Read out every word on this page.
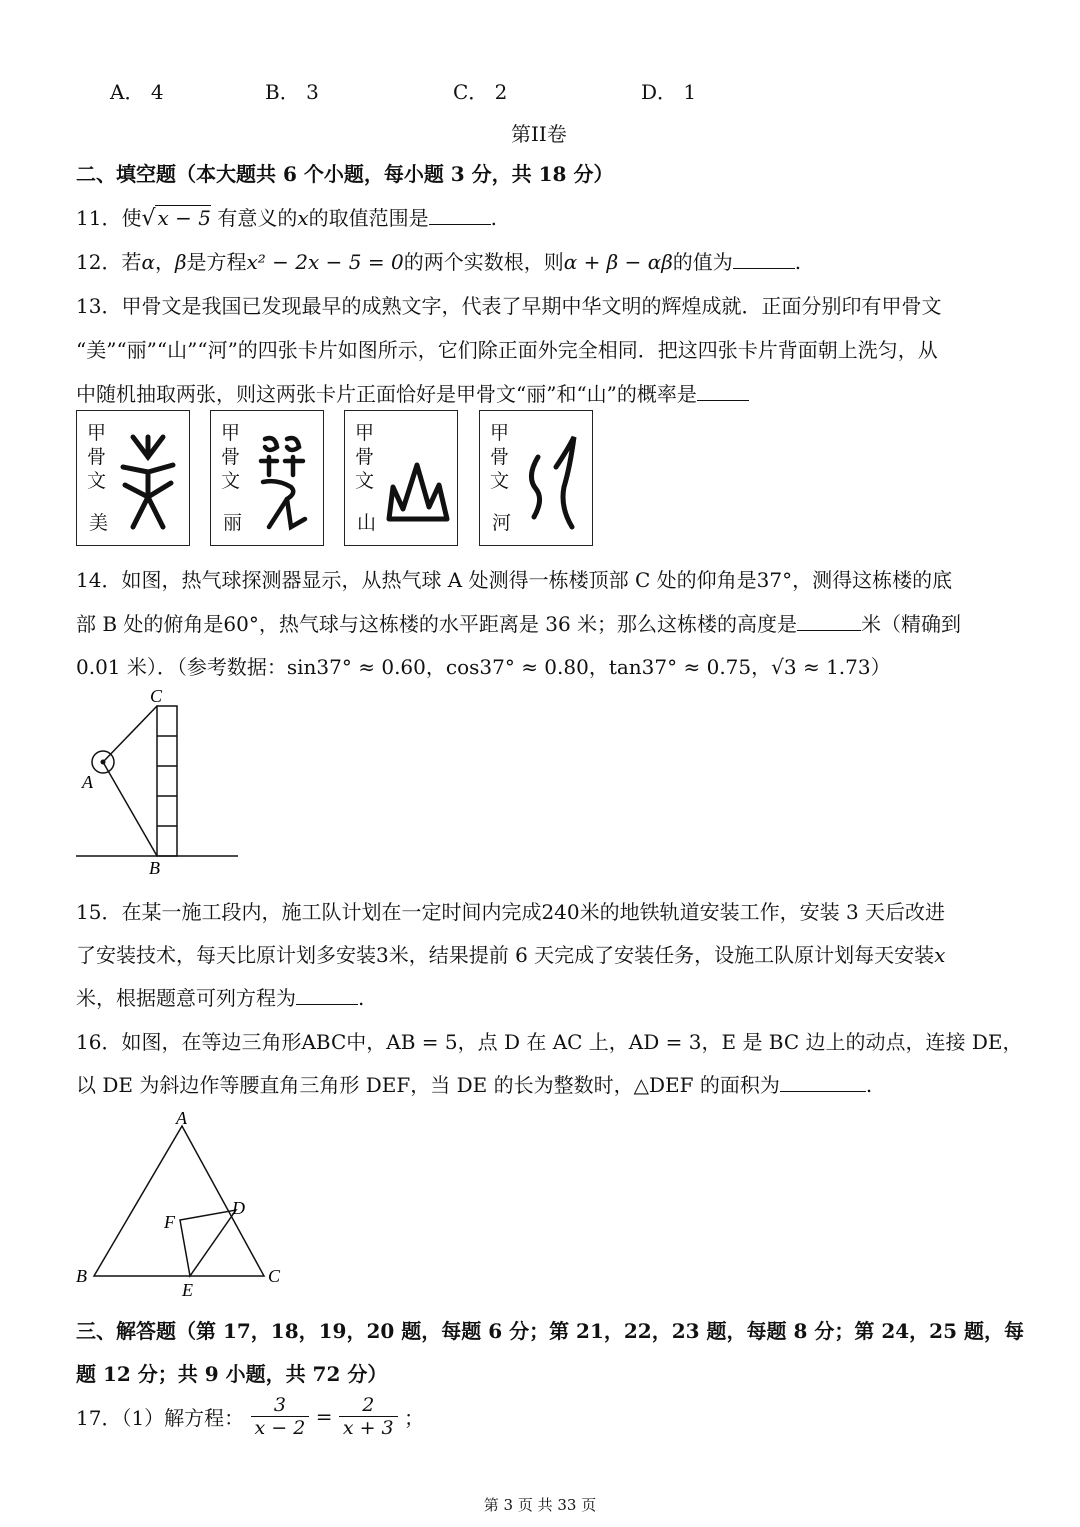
A． 4	B． 3	C． 2	D． 1
第II卷
二、填空题（本大题共 6 个小题，每小题 3 分，共 18 分）
11．使√ x − 5 有意义的x的取值范围是	.
12．若α，β是方程x² − 2x − 5 = 0的两个实数根，则α + β − αβ的值为	.
13．甲骨文是我国已发现最早的成熟文字，代表了早期中华文明的辉煌成就．正面分别印有甲骨文
“美”“丽”“山”“河”的四张卡片如图所示，它们除正面外完全相同．把这四张卡片背面朝上洗匀，从
中随机抽取两张，则这两张卡片正面恰好是甲骨文“丽”和“山”的概率是
甲骨文
美
甲骨文
丽
甲骨文
山
甲骨文
河
14．如图，热气球探测器显示，从热气球 A 处测得一栋楼顶部 C 处的仰角是37°，测得这栋楼的底
部 B 处的俯角是60°，热气球与这栋楼的水平距离是 36 米；那么这栋楼的高度是	米（精确到
0.01 米）．（参考数据：sin37° ≈ 0.60，cos37° ≈ 0.80，tan37° ≈ 0.75，√3 ≈ 1.73）
C
A
B
15．在某一施工段内，施工队计划在一定时间内完成240米的地铁轨道安装工作，安装 3 天后改进
了安装技术，每天比原计划多安装3米，结果提前 6 天完成了安装任务，设施工队原计划每天安装x
米，根据题意可列方程为	.
16．如图，在等边三角形ABC中，AB = 5，点 D 在 AC 上，AD = 3，E 是 BC 边上的动点，连接 DE，
以 DE 为斜边作等腰直角三角形 DEF，当 DE 的长为整数时，△DEF 的面积为	.
A
B	C
D
E
F
三、解答题（第 17，18，19，20 题，每题 6 分；第 21，22，23 题，每题 8 分；第 24，25 题，每
题 12 分；共 9 小题，共 72 分）
17．（1）解方程： $\frac{3}{x - 2} = \frac{2}{x + 3}$ ；
第 3 页 共 33 页
